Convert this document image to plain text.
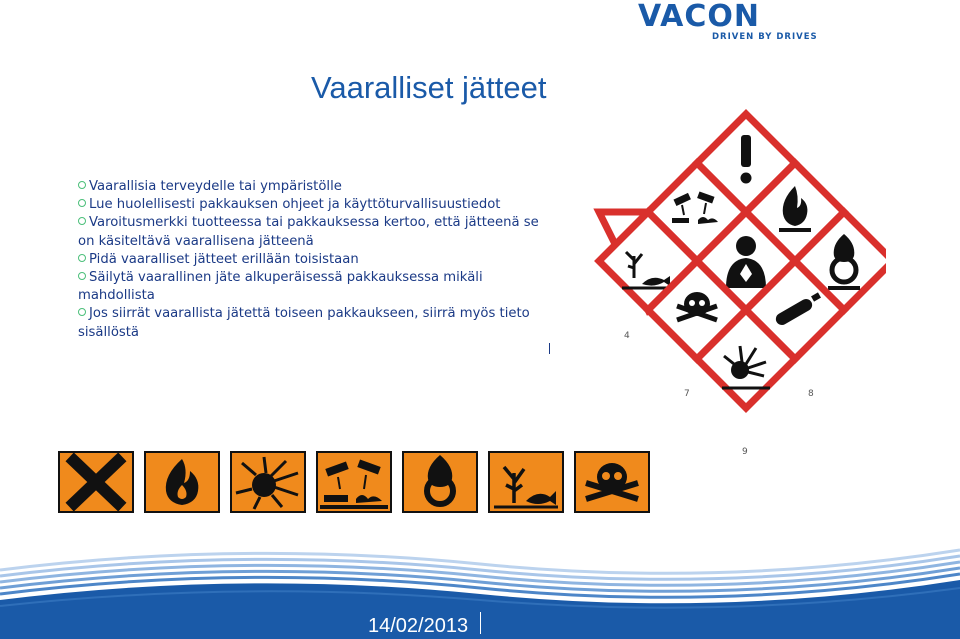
VACON
DRIVEN BY DRIVES
Vaaralliset jätteet

Vaarallisia terveydelle tai ympäristölle

Lue huolellisesti pakkauksen ohjeet ja käyttöturvallisuustiedot

Varoitusmerkki tuotteessa tai pakkauksessa kertoo, että jätteenä se on käsiteltävä vaarallisena jätteenä

Pidä vaaralliset jätteet erillään toisistaan

Säilytä vaarallinen jäte alkuperäisessä pakkauksessa mikäli mahdollista

Jos siirrät vaarallista jätettä toiseen pakkaukseen, siirrä myös tieto sisällöstä	4
7	8
9
14/02/2013
